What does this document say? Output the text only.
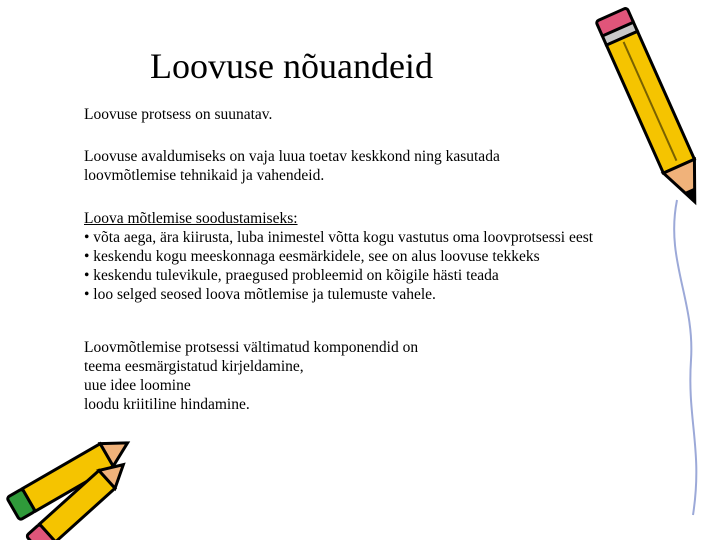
Loovuse nõuandeid
Loovuse protsess on suunatav.
Loovuse avaldumiseks on vaja luua toetav keskkond ning kasutada
loovmõtlemise tehnikaid ja vahendeid.
Loova mõtlemise soodustamiseks:
• võta aega, ära kiirusta, luba inimestel võtta kogu vastutus oma loovprotsessi eest
• keskendu kogu meeskonnaga eesmärkidele, see on alus loovuse tekkeks
• keskendu tulevikule, praegused probleemid on kõigile hästi teada
• loo selged seosed loova mõtlemise ja tulemuste vahele.
Loovmõtlemise protsessi vältimatud komponendid on
teema eesmärgistatud kirjeldamine,
uue idee loomine
loodu kriitiline hindamine.
